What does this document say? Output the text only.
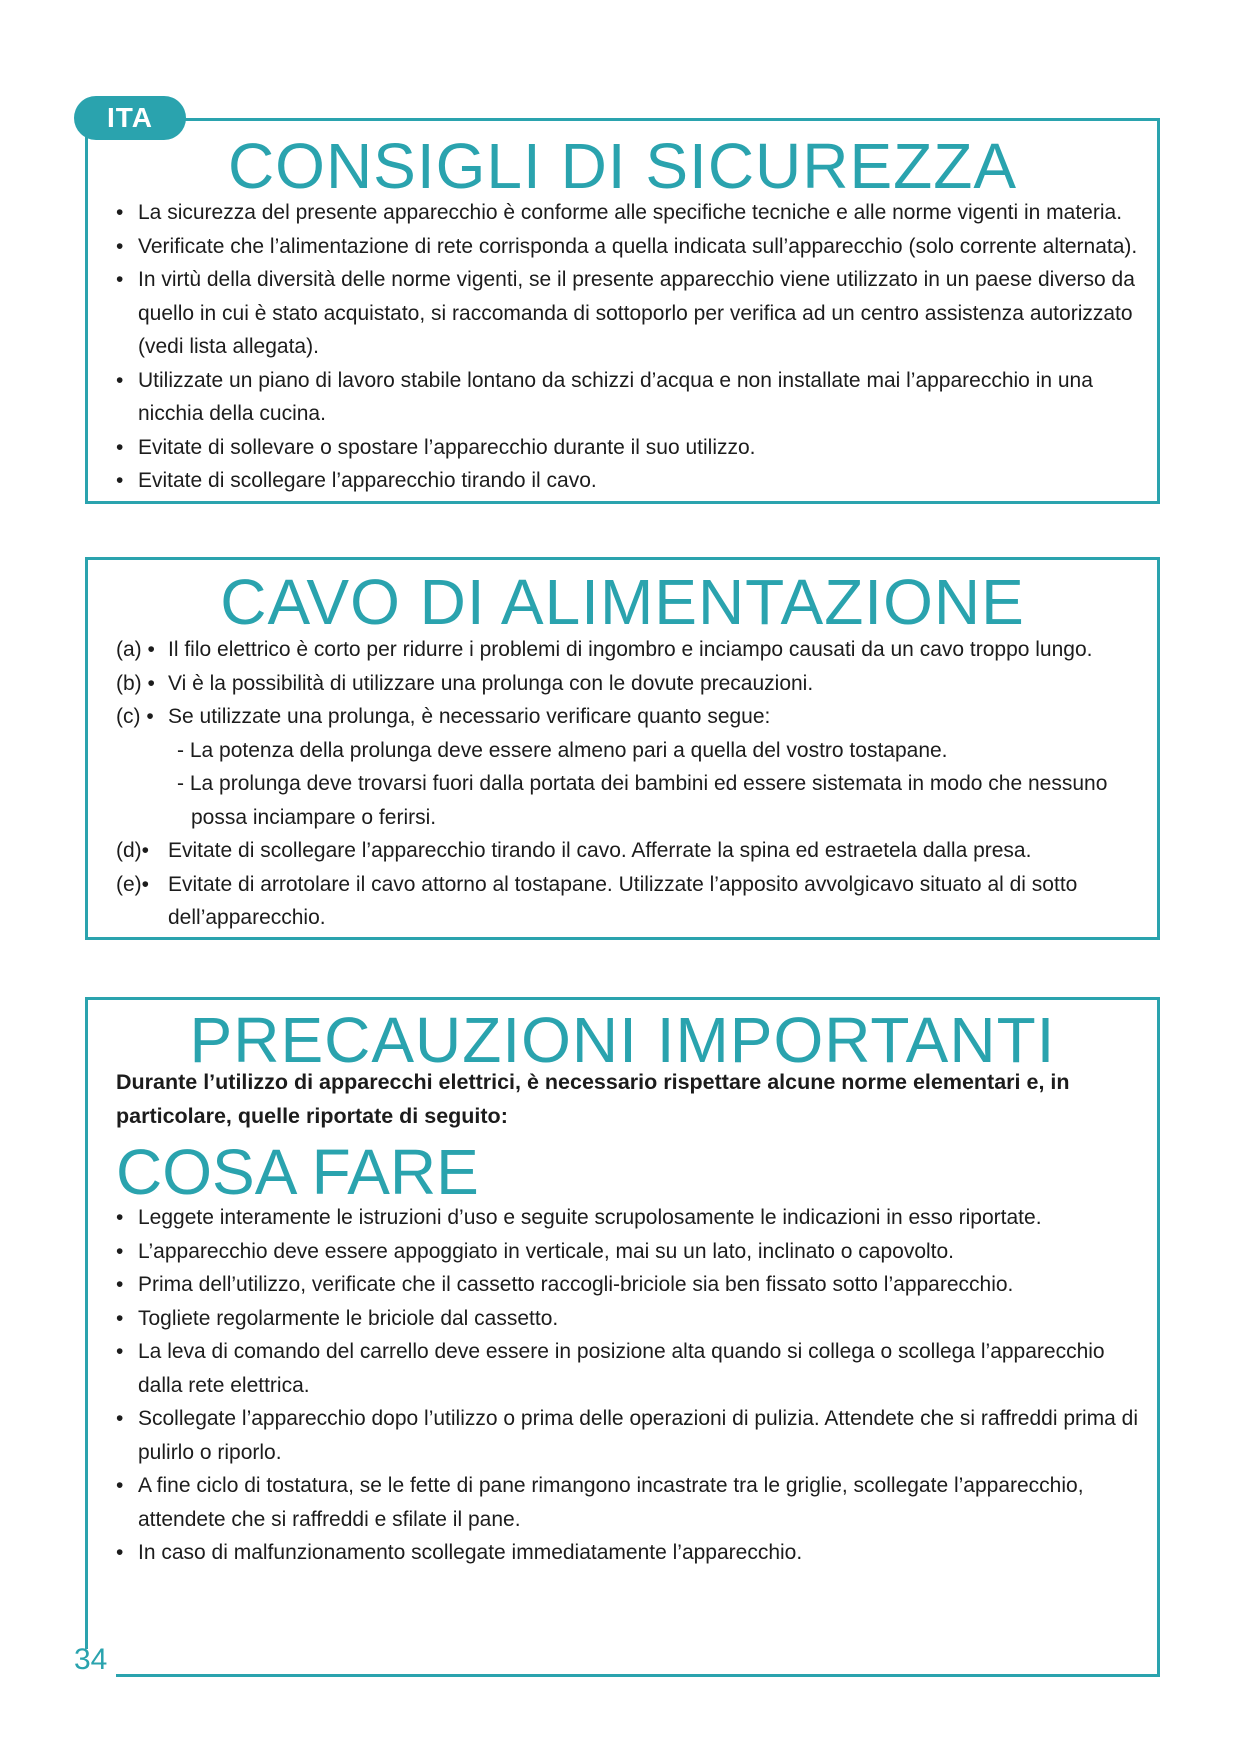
ITA
CONSIGLI DI SICUREZZA
• La sicurezza del presente apparecchio è conforme alle specifiche tecniche e alle norme vigenti in materia.
• Verificate che l’alimentazione di rete corrisponda a quella indicata sull’apparecchio (solo corrente alternata).
• In virtù della diversità delle norme vigenti, se il presente apparecchio viene utilizzato in un paese diverso da quello in cui è stato acquistato, si raccomanda di sottoporlo per verifica ad un centro assistenza autorizzato (vedi lista allegata).
• Utilizzate un piano di lavoro stabile lontano da schizzi d’acqua e non installate mai l’apparecchio in una nicchia della cucina.
• Evitate di sollevare o spostare l’apparecchio durante il suo utilizzo.
• Evitate di scollegare l’apparecchio tirando il cavo.
CAVO DI ALIMENTAZIONE
(a) • Il filo elettrico è corto per ridurre i problemi di ingombro e inciampo causati da un cavo troppo lungo.
(b) • Vi è la possibilità di utilizzare una prolunga con le dovute precauzioni.
(c) • Se utilizzate una prolunga, è necessario verificare quanto segue:
- La potenza della prolunga deve essere almeno pari a quella del vostro tostapane.
- La prolunga deve trovarsi fuori dalla portata dei bambini ed essere sistemata in modo che nessuno possa inciampare o ferirsi.
(d)• Evitate di scollegare l’apparecchio tirando il cavo. Afferrate la spina ed estraetela dalla presa.
(e)• Evitate di arrotolare il cavo attorno al tostapane. Utilizzate l’apposito avvolgicavo situato al di sotto dell’apparecchio.
PRECAUZIONI IMPORTANTI

Durante l’utilizzo di apparecchi elettrici, è necessario rispettare alcune norme elementari e, in particolare, quelle riportate di seguito:

COSA FARE
• Leggete interamente le istruzioni d’uso e seguite scrupolosamente le indicazioni in esso riportate.
• L’apparecchio deve essere appoggiato in verticale, mai su un lato, inclinato o capovolto.
• Prima dell’utilizzo, verificate che il cassetto raccogli-briciole sia ben fissato sotto l’apparecchio.
• Togliete regolarmente le briciole dal cassetto.
• La leva di comando del carrello deve essere in posizione alta quando si collega o scollega l’apparecchio dalla rete elettrica.
• Scollegate l’apparecchio dopo l’utilizzo o prima delle operazioni di pulizia. Attendete che si raffreddi prima di pulirlo o riporlo.
• A fine ciclo di tostatura, se le fette di pane rimangono incastrate tra le griglie, scollegate l’apparecchio, attendete che si raffreddi e sfilate il pane.
• In caso di malfunzionamento scollegate immediatamente l’apparecchio.
34
